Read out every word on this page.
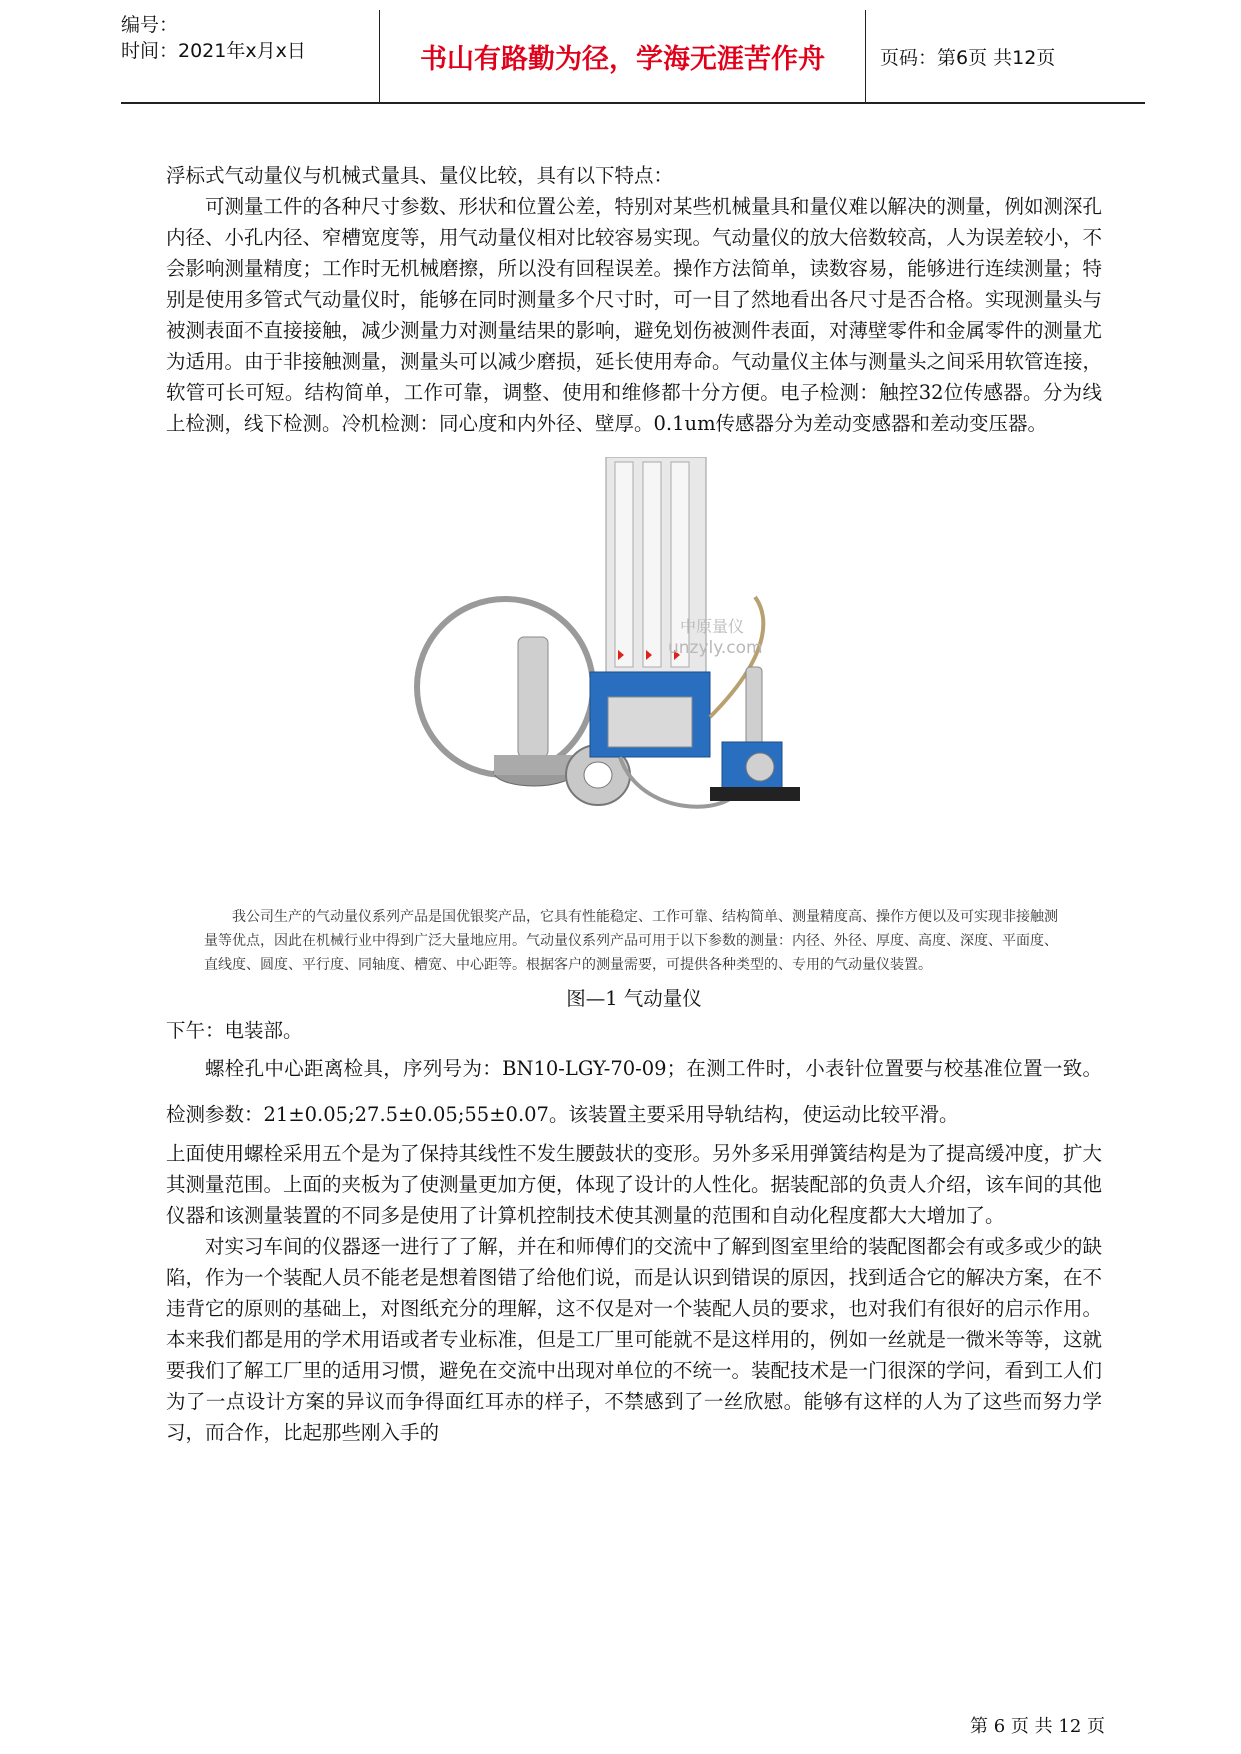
编号：
时间：2021年x月x日	书山有路勤为径，学海无涯苦作舟	页码：第6页 共12页

浮标式气动量仪与机械式量具、量仪比较，具有以下特点：

可测量工件的各种尺寸参数、形状和位置公差，特别对某些机械量具和量仪难以解决的测量，例如测深孔内径、小孔内径、窄槽宽度等，用气动量仪相对比较容易实现。气动量仪的放大倍数较高，人为误差较小，不会影响测量精度；工作时无机械磨擦，所以没有回程误差。操作方法简单，读数容易，能够进行连续测量；特别是使用多管式气动量仪时，能够在同时测量多个尺寸时，可一目了然地看出各尺寸是否合格。实现测量头与被测表面不直接接触，减少测量力对测量结果的影响，避免划伤被测件表面，对薄壁零件和金属零件的测量尤为适用。由于非接触测量，测量头可以减少磨损，延长使用寿命。气动量仪主体与测量头之间采用软管连接，软管可长可短。结构简单，工作可靠，调整、使用和维修都十分方便。电子检测：触控32位传感器。分为线上检测，线下检测。冷机检测：同心度和内外径、壁厚。0.1um传感器分为差动变感器和差动变压器。

中原量仪
unzyly.com

我公司生产的气动量仪系列产品是国优银奖产品，它具有性能稳定、工作可靠、结构简单、测量精度高、操作方便以及可实现非接触测量等优点，因此在机械行业中得到广泛大量地应用。气动量仪系列产品可用于以下参数的测量：内径、外径、厚度、高度、深度、平面度、直线度、圆度、平行度、同轴度、槽宽、中心距等。根据客户的测量需要，可提供各种类型的、专用的气动量仪装置。

图—1 气动量仪

下午：电装部。

螺栓孔中心距离检具，序列号为：BN10-LGY-70-09；在测工件时，小表针位置要与校基准位置一致。检测参数：21±0.05;27.5±0.05;55±0.07。该装置主要采用导轨结构，使运动比较平滑。

上面使用螺栓采用五个是为了保持其线性不发生腰鼓状的变形。另外多采用弹簧结构是为了提高缓冲度，扩大其测量范围。上面的夹板为了使测量更加方便，体现了设计的人性化。据装配部的负责人介绍，该车间的其他仪器和该测量装置的不同多是使用了计算机控制技术使其测量的范围和自动化程度都大大增加了。

对实习车间的仪器逐一进行了了解，并在和师傅们的交流中了解到图室里给的装配图都会有或多或少的缺陷，作为一个装配人员不能老是想着图错了给他们说，而是认识到错误的原因，找到适合它的解决方案，在不违背它的原则的基础上，对图纸充分的理解，这不仅是对一个装配人员的要求，也对我们有很好的启示作用。本来我们都是用的学术用语或者专业标准，但是工厂里可能就不是这样用的，例如一丝就是一微米等等，这就要我们了解工厂里的适用习惯，避免在交流中出现对单位的不统一。装配技术是一门很深的学问，看到工人们为了一点设计方案的异议而争得面红耳赤的样子，不禁感到了一丝欣慰。能够有这样的人为了这些而努力学习，而合作，比起那些刚入手的

第 6 页 共 12 页
